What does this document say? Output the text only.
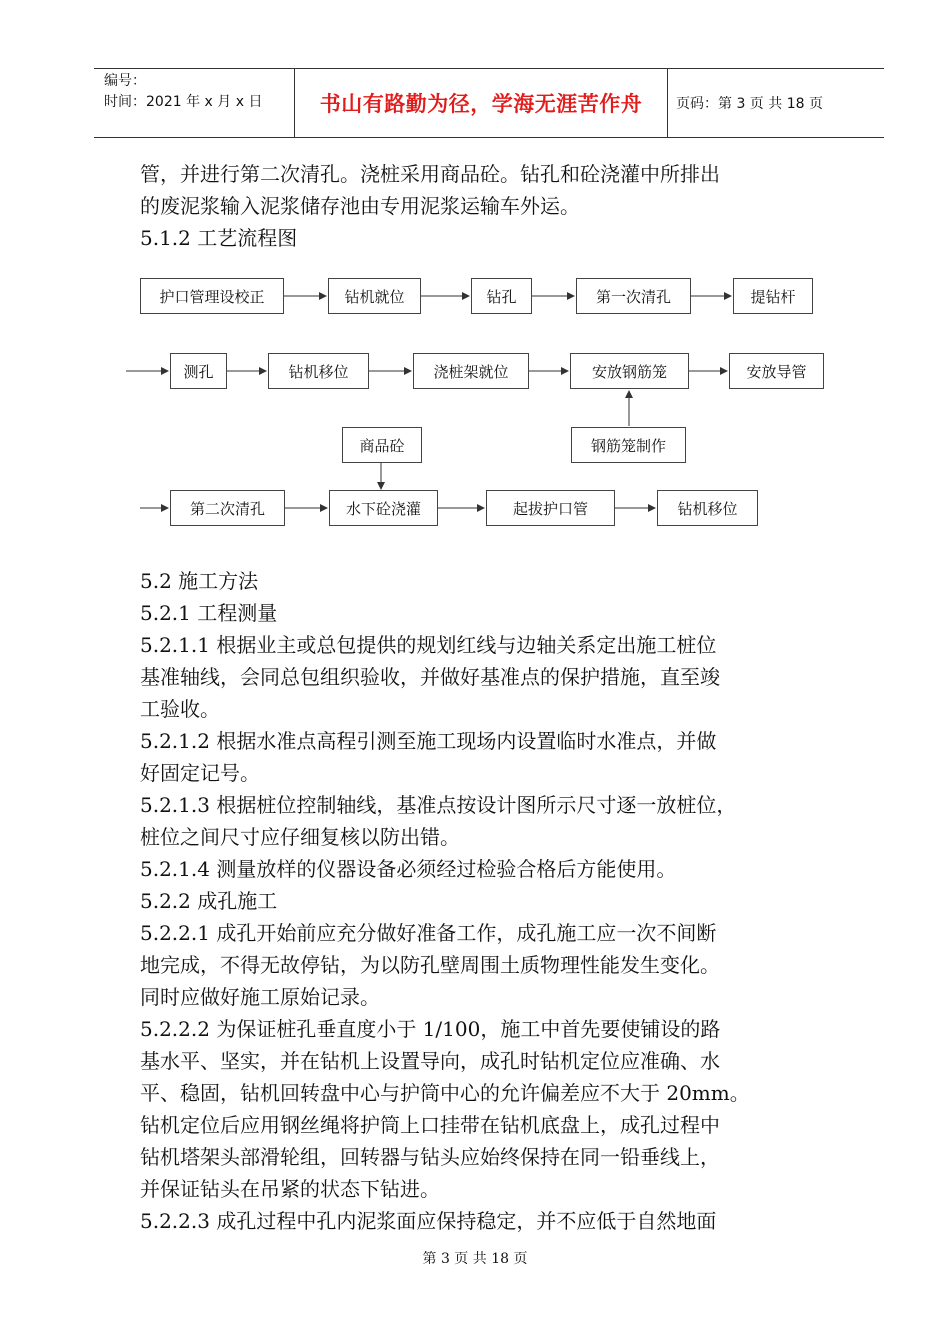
编号：
时间：2021 年 x 月 x 日	书山有路勤为径，学海无涯苦作舟 页码：第 3 页 共 18 页
管，并进行第二次清孔。浇桩采用商品砼。钻孔和砼浇灌中所排出
的废泥浆输入泥浆储存池由专用泥浆运输车外运。
5.1.2 工艺流程图
护口管理设校正	钻机就位	钻孔	第一次清孔	提钻杆
测孔	钻机移位	浇桩架就位	安放钢筋笼	安放导管
商品砼	钢筋笼制作
第二次清孔	水下砼浇灌	起拔护口管	钻机移位
5.2 施工方法
5.2.1 工程测量
5.2.1.1 根据业主或总包提供的规划红线与边轴关系定出施工桩位
基准轴线，会同总包组织验收，并做好基准点的保护措施，直至竣
工验收。
5.2.1.2 根据水准点高程引测至施工现场内设置临时水准点，并做
好固定记号。
5.2.1.3 根据桩位控制轴线，基准点按设计图所示尺寸逐一放桩位，
桩位之间尺寸应仔细复核以防出错。
5.2.1.4 测量放样的仪器设备必须经过检验合格后方能使用。
5.2.2 成孔施工
5.2.2.1 成孔开始前应充分做好准备工作，成孔施工应一次不间断
地完成，不得无故停钻，为以防孔壁周围土质物理性能发生变化。
同时应做好施工原始记录。
5.2.2.2 为保证桩孔垂直度小于 1/100，施工中首先要使铺设的路
基水平、坚实，并在钻机上设置导向，成孔时钻机定位应准确、水
平、稳固，钻机回转盘中心与护筒中心的允许偏差应不大于 20mm。
钻机定位后应用钢丝绳将护筒上口挂带在钻机底盘上，成孔过程中
钻机塔架头部滑轮组，回转器与钻头应始终保持在同一铅垂线上，
并保证钻头在吊紧的状态下钻进。
5.2.2.3 成孔过程中孔内泥浆面应保持稳定，并不应低于自然地面
第 3 页 共 18 页
